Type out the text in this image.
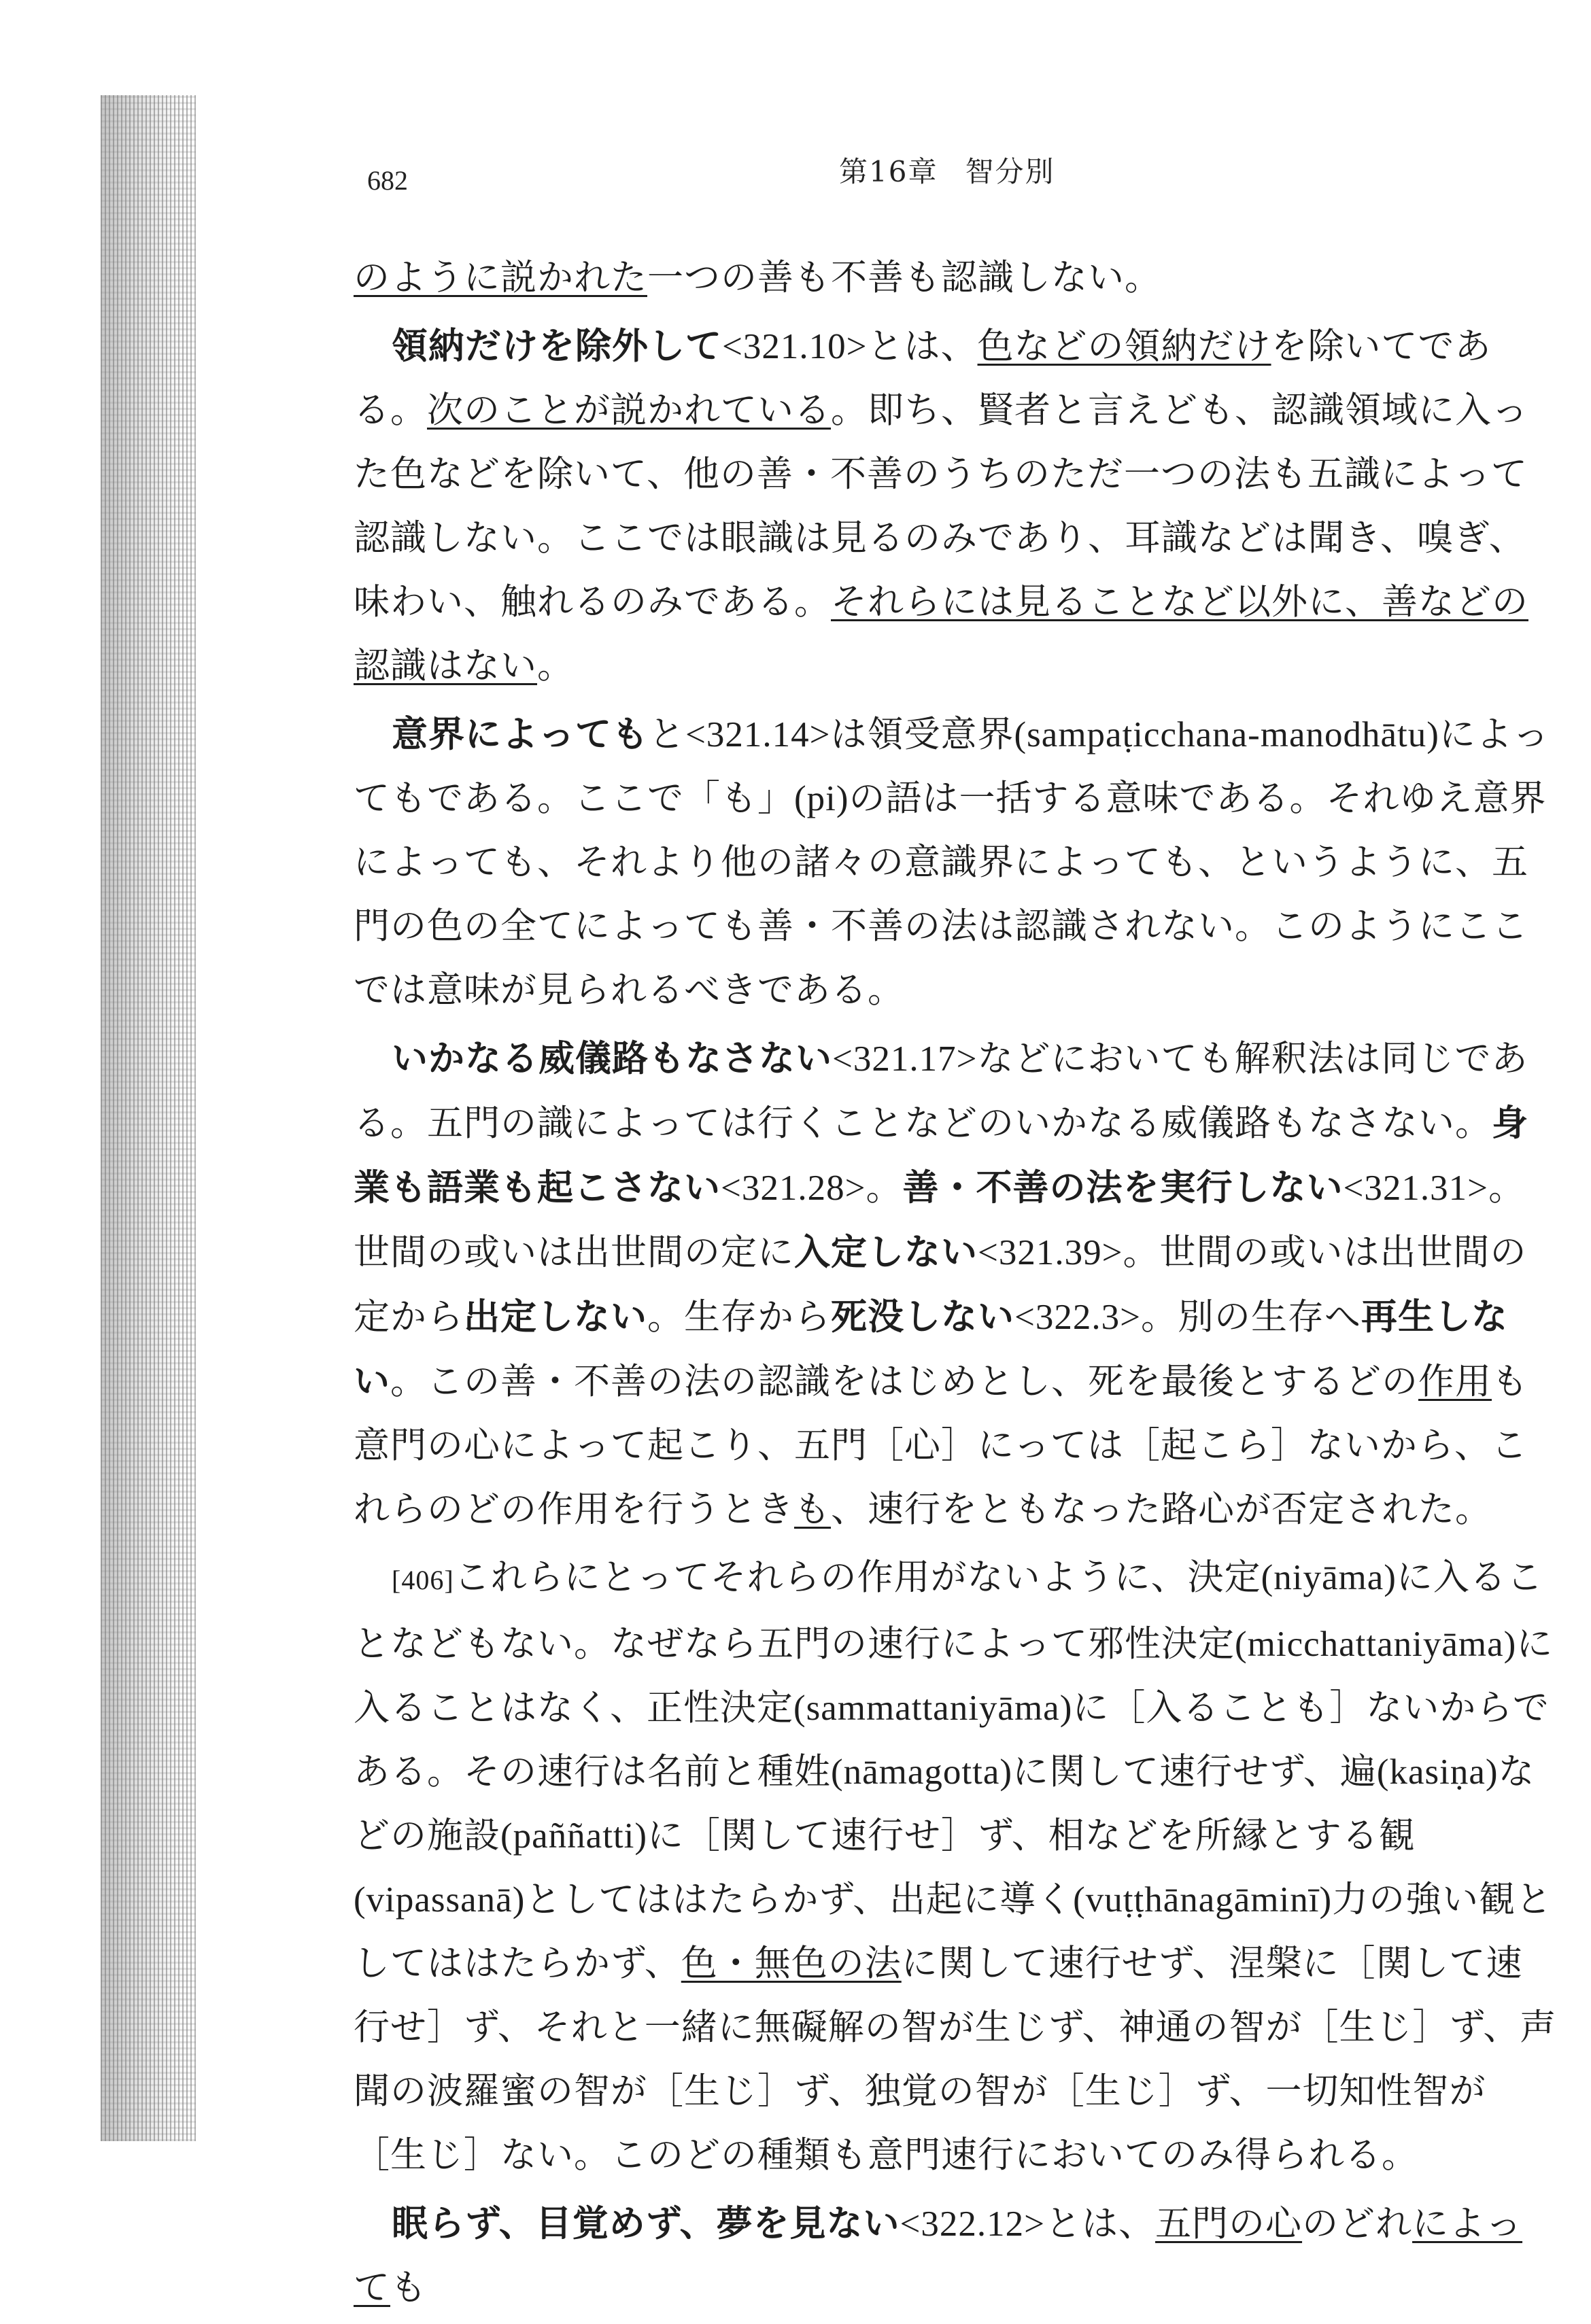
682	第16章 智分別

のように説かれた一つの善も不善も認識しない。

領納だけを除外して<321.10>とは、色などの領納だけを除いてである。次のことが説かれている。即ち、賢者と言えども、認識領域に入った色などを除いて、他の善・不善のうちのただ一つの法も五識によって認識しない。ここでは眼識は見るのみであり、耳識などは聞き、嗅ぎ、味わい、触れるのみである。それらには見ることなど以外に、善などの認識はない。

意界によってもと<321.14>は領受意界(sampaṭicchana-manodhātu)によってもである。ここで「も」(pi)の語は一括する意味である。それゆえ意界によっても、それより他の諸々の意識界によっても、というように、五門の色の全てによっても善・不善の法は認識されない。このようにここでは意味が見られるべきである。

いかなる威儀路もなさない<321.17>などにおいても解釈法は同じである。五門の識によっては行くことなどのいかなる威儀路もなさない。身業も語業も起こさない<321.28>。善・不善の法を実行しない<321.31>。世間の或いは出世間の定に入定しない<321.39>。世間の或いは出世間の定から出定しない。生存から死没しない<322.3>。別の生存へ再生しない。この善・不善の法の認識をはじめとし、死を最後とするどの作用も意門の心によって起こり、五門［心］にっては［起こら］ないから、これらのどの作用を行うときも、速行をともなった路心が否定された。

[406]これらにとってそれらの作用がないように、決定(niyāma)に入ることなどもない。なぜなら五門の速行によって邪性決定(micchattaniyāma)に入ることはなく、正性決定(sammattaniyāma)に［入ることも］ないからである。その速行は名前と種姓(nāmagotta)に関して速行せず、遍(kasiṇa)などの施設(paññatti)に［関して速行せ］ず、相などを所縁とする観(vipassanā)としてははたらかず、出起に導く(vuṭṭhānagāminī)力の強い観としてははたらかず、色・無色の法に関して速行せず、涅槃に［関して速行せ］ず、それと一緒に無礙解の智が生じず、神通の智が［生じ］ず、声聞の波羅蜜の智が［生じ］ず、独覚の智が［生じ］ず、一切知性智が［生じ］ない。このどの種類も意門速行においてのみ得られる。

眠らず、目覚めず、夢を見ない<322.12>とは、五門の心のどれによっても
